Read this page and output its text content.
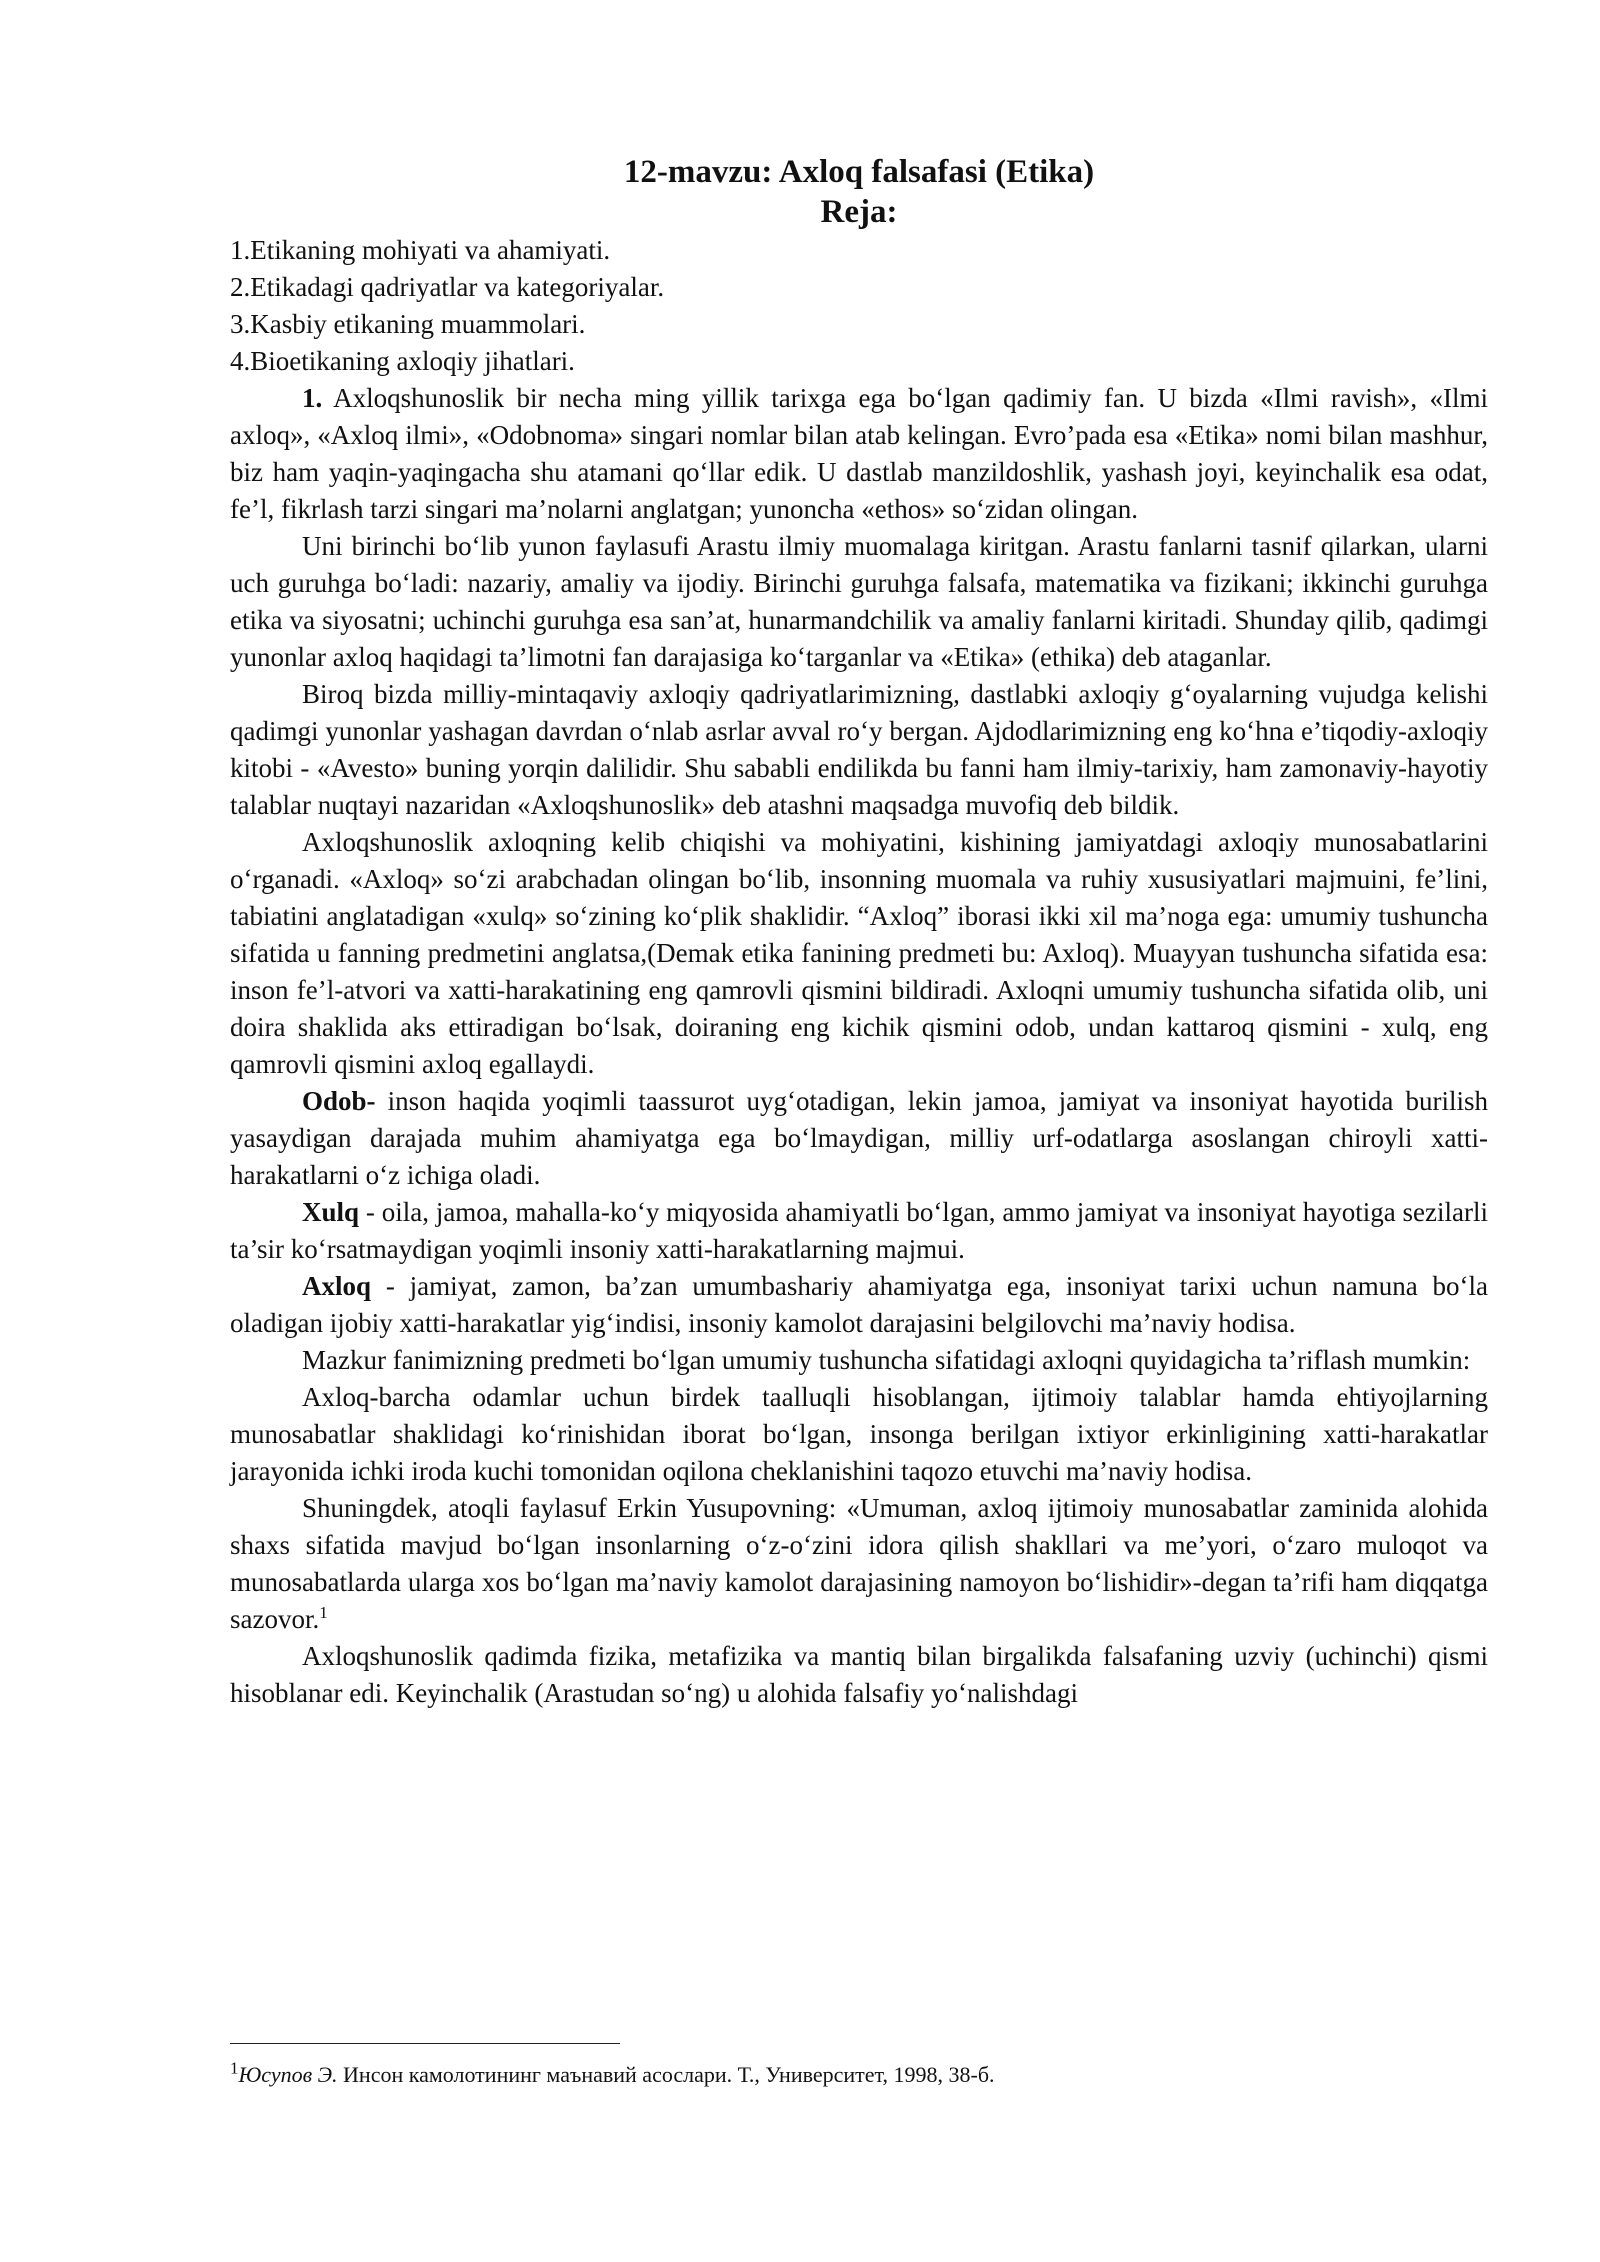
12-mavzu: Axloq falsafasi (Etika)
Reja:

1.Etikaning mohiyati va ahamiyati.

2.Etikadagi qadriyatlar va kategoriyalar.

3.Kasbiy etikaning muammolari.

4.Bioetikaning axloqiy jihatlari.

1. Axloqshunoslik bir necha ming yillik tarixga ega bo‘lgan qadimiy fan. U bizda «Ilmi ravish», «Ilmi axloq», «Axloq ilmi», «Odobnoma» singari nomlar bilan atab kelingan. Evro’pada esa «Etika» nomi bilan mashhur, biz ham yaqin-yaqingacha shu atamani qo‘llar edik. U dastlab manzildoshlik, yashash joyi, keyinchalik esa odat, fe’l, fikrlash tarzi singari ma’nolarni anglatgan; yunoncha «ethos» so‘zidan olingan.

Uni birinchi bo‘lib yunon faylasufi Arastu ilmiy muomalaga kiritgan. Arastu fanlarni tasnif qilarkan, ularni uch guruhga bo‘ladi: nazariy, amaliy va ijodiy. Birinchi guruhga falsafa, matematika va fizikani; ikkinchi guruhga etika va siyosatni; uchinchi guruhga esa san’at, hunarmandchilik va amaliy fanlarni kiritadi. Shunday qilib, qadimgi yunonlar axloq haqidagi ta’limotni fan darajasiga ko‘targanlar va «Etika» (ethika) deb ataganlar.

Biroq bizda milliy-mintaqaviy axloqiy qadriyatlarimizning, dastlabki axloqiy g‘oyalarning vujudga kelishi qadimgi yunonlar yashagan davrdan o‘nlab asrlar avval ro‘y bergan. Ajdodlarimizning eng ko‘hna e’tiqodiy-axloqiy kitobi - «Avesto» buning yorqin dalilidir. Shu sababli endilikda bu fanni ham ilmiy-tarixiy, ham zamonaviy-hayotiy talablar nuqtayi nazaridan «Axloqshunoslik» deb atashni maqsadga muvofiq deb bildik.

Axloqshunoslik axloqning kelib chiqishi va mohiyatini, kishining jamiyatdagi axloqiy munosabatlarini o‘rganadi. «Axloq» so‘zi arabchadan olingan bo‘lib, insonning muomala va ruhiy xususiyatlari majmuini, fe’lini, tabiatini anglatadigan «xulq» so‘zining ko‘plik shaklidir. “Axloq” iborasi ikki xil ma’noga ega: umumiy tushuncha sifatida u fanning predmetini anglatsa,(Demak etika fanining predmeti bu: Axloq). Muayyan tushuncha sifatida esa: inson fe’l-atvori va xatti-harakatining eng qamrovli qismini bildiradi. Axloqni umumiy tushuncha sifatida olib, uni doira shaklida aks ettiradigan bo‘lsak, doiraning eng kichik qismini odob, undan kattaroq qismini - xulq, eng qamrovli qismini axloq egallaydi.

Odob- inson haqida yoqimli taassurot uyg‘otadigan, lekin jamoa, jamiyat va insoniyat hayotida burilish yasaydigan darajada muhim ahamiyatga ega bo‘lmaydigan, milliy urf-odatlarga asoslangan chiroyli xatti-harakatlarni o‘z ichiga oladi.

Xulq - oila, jamoa, mahalla-ko‘y miqyosida ahamiyatli bo‘lgan, ammo jamiyat va insoniyat hayotiga sezilarli ta’sir ko‘rsatmaydigan yoqimli insoniy xatti-harakatlarning majmui.

Axloq - jamiyat, zamon, ba’zan umumbashariy ahamiyatga ega, insoniyat tarixi uchun namuna bo‘la oladigan ijobiy xatti-harakatlar yig‘indisi, insoniy kamolot darajasini belgilovchi ma’naviy hodisa.

Mazkur fanimizning predmeti bo‘lgan umumiy tushuncha sifatidagi axloqni quyidagicha ta’riflash mumkin:

Axloq-barcha odamlar uchun birdek taalluqli hisoblangan, ijtimoiy talablar hamda ehtiyojlarning munosabatlar shaklidagi ko‘rinishidan iborat bo‘lgan, insonga berilgan ixtiyor erkinligining xatti-harakatlar jarayonida ichki iroda kuchi tomonidan oqilona cheklanishini taqozo etuvchi ma’naviy hodisa.

Shuningdek, atoqli faylasuf Erkin Yusupovning: «Umuman, axloq ijtimoiy munosabatlar zaminida alohida shaxs sifatida mavjud bo‘lgan insonlarning o‘z-o‘zini idora qilish shakllari va me’yori, o‘zaro muloqot va munosabatlarda ularga xos bo‘lgan ma’naviy kamolot darajasining namoyon bo‘lishidir»-degan ta’rifi ham diqqatga sazovor.$^1$

Axloqshunoslik qadimda fizika, metafizika va mantiq bilan birgalikda falsafaning uzviy (uchinchi) qismi hisoblanar edi. Keyinchalik (Arastudan so‘ng) u alohida falsafiy yo‘nalishdagi

$^1$Юсупов Э. Инсон камолотининг маънавий асослари. Т., Университет, 1998, 38-б.
